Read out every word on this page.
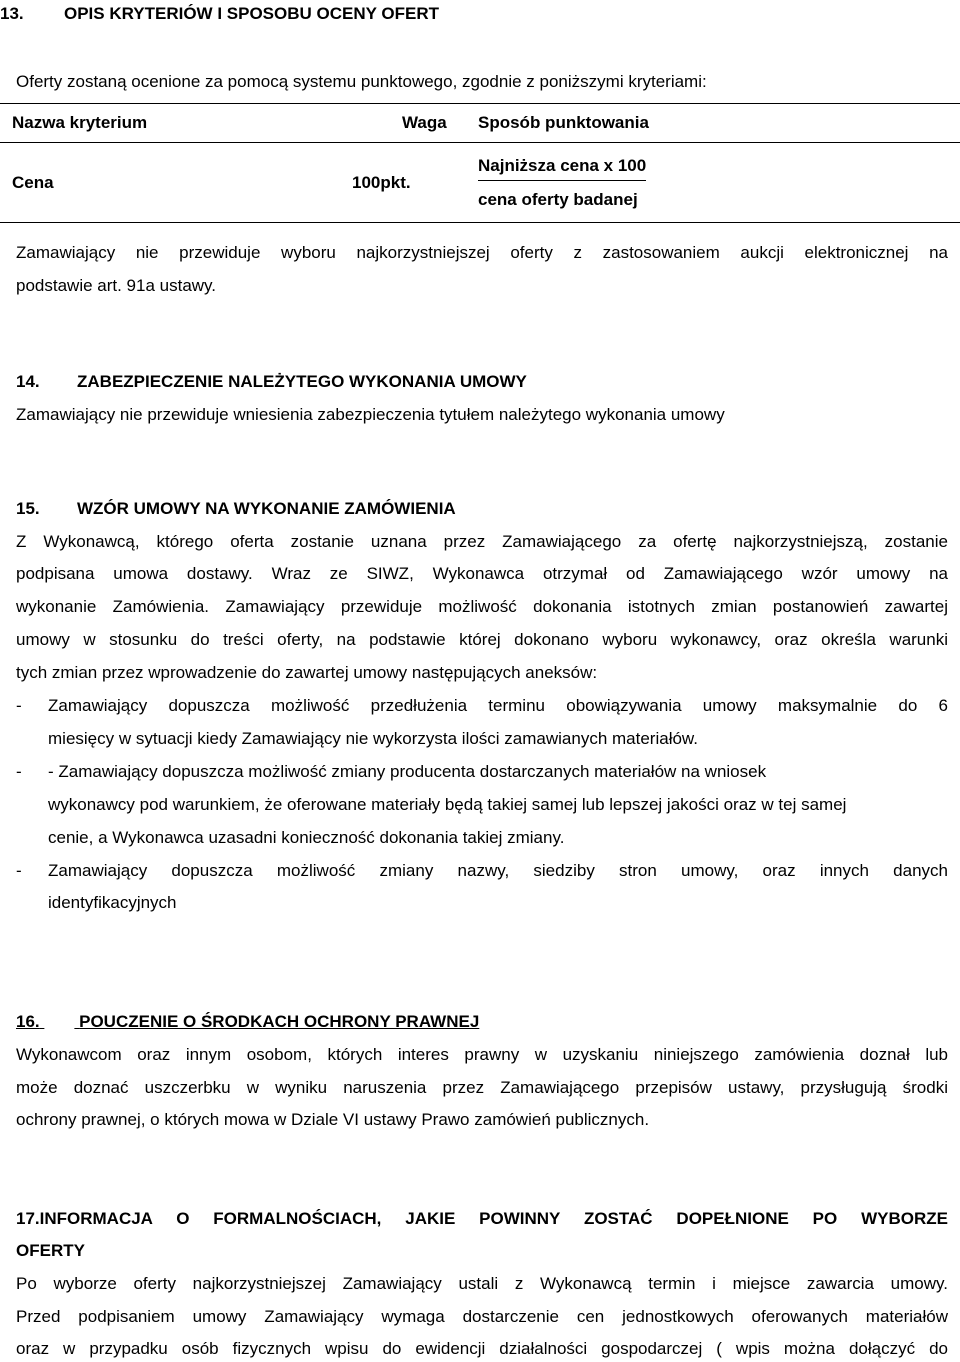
13. OPIS KRYTERIÓW I SPOSOBU OCENY OFERT
Oferty zostaną ocenione za pomocą systemu punktowego, zgodnie z poniższymi kryteriami:
Nazwa kryterium	Waga	Sposób punktowania
Cena	100pkt.	Najniższa cena x 100
cena oferty badanej
Zamawiający nie przewiduje wyboru najkorzystniejszej oferty z zastosowaniem aukcji elektronicznej na
podstawie art. 91a ustawy.
14. ZABEZPIECZENIE NALEŻYTEGO WYKONANIA UMOWY
Zamawiający nie przewiduje wniesienia zabezpieczenia tytułem należytego wykonania umowy
15. WZÓR UMOWY NA WYKONANIE ZAMÓWIENIA
Z Wykonawcą, którego oferta zostanie uznana przez Zamawiającego za ofertę najkorzystniejszą, zostanie
podpisana umowa dostawy. Wraz ze SIWZ, Wykonawca otrzymał od Zamawiającego wzór umowy na
wykonanie Zamówienia. Zamawiający przewiduje możliwość dokonania istotnych zmian postanowień zawartej
umowy w stosunku do treści oferty, na podstawie której dokonano wyboru wykonawcy, oraz określa warunki
tych zmian przez wprowadzenie do zawartej umowy następujących aneksów:
- Zamawiający dopuszcza możliwość przedłużenia terminu obowiązywania umowy maksymalnie do 6
miesięcy w sytuacji kiedy Zamawiający nie wykorzysta ilości zamawianych materiałów.
- - Zamawiający dopuszcza możliwość zmiany producenta dostarczanych materiałów na wniosek
wykonawcy pod warunkiem, że oferowane materiały będą takiej samej lub lepszej jakości oraz w tej samej
cenie, a Wykonawca uzasadni konieczność dokonania takiej zmiany.
- Zamawiający dopuszcza możliwość zmiany nazwy, siedziby stron umowy, oraz innych danych
identyfikacyjnych
16. POUCZENIE O ŚRODKACH OCHRONY PRAWNEJ
Wykonawcom oraz innym osobom, których interes prawny w uzyskaniu niniejszego zamówienia doznał lub
może doznać uszczerbku w wyniku naruszenia przez Zamawiającego przepisów ustawy, przysługują środki
ochrony prawnej, o których mowa w Dziale VI ustawy Prawo zamówień publicznych.
17.INFORMACJA O FORMALNOŚCIACH, JAKIE POWINNY ZOSTAĆ DOPEŁNIONE PO WYBORZE
OFERTY
Po wyborze oferty najkorzystniejszej Zamawiający ustali z Wykonawcą termin i miejsce zawarcia umowy.
Przed podpisaniem umowy Zamawiający wymaga dostarczenie cen jednostkowych oferowanych materiałów
oraz w przypadku osób fizycznych wpisu do ewidencji działalności gospodarczej ( wpis można dołączyć do
